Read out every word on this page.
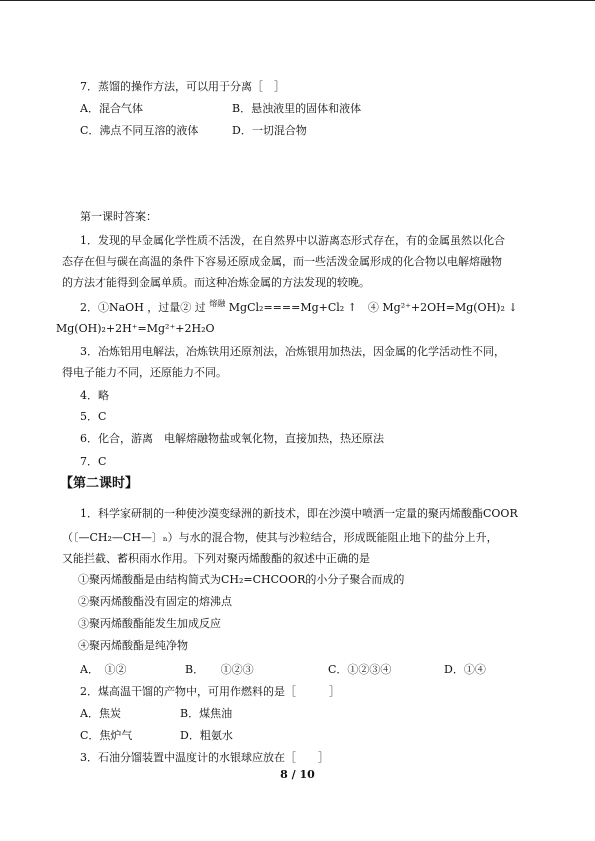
7．蒸馏的操作方法，可以用于分离［　］
A．混合气体	B．悬浊液里的固体和液体
C．沸点不同互溶的液体	D．一切混合物
第一课时答案：
1．发现的早金属化学性质不活泼，在自然界中以游离态形式存在，有的金属虽然以化合
态存在但与碳在高温的条件下容易还原成金属，而一些活泼金属形成的化合物以电解熔融物
的方法才能得到金属单质。而这种冶炼金属的方法发现的较晚。
2．①NaOH ，过量② 过 $^{熔融}$ MgCl₂====Mg+Cl₂ ↑　④ Mg²⁺+2OH=Mg(OH)₂ ↓
Mg(OH)₂+2H⁺=Mg²⁺+2H₂O
3．冶炼铝用电解法，冶炼铁用还原剂法，冶炼银用加热法，因金属的化学活动性不同，
得电子能力不同，还原能力不同。
4．略
5．C
6．化合，游离　电解熔融物盐或氧化物，直接加热，热还原法
7．C
【第二课时】
1．科学家研制的一种使沙漠变绿洲的新技术，即在沙漠中喷洒一定量的聚丙烯酸酯COOR
（〔—CH₂—CH—〕ₙ）与水的混合物，使其与沙粒结合，形成既能阻止地下的盐分上升，
又能拦截、蓄积雨水作用。下列对聚丙烯酸酯的叙述中正确的是
①聚丙烯酸酯是由结构简式为CH₂=CHCOOR的小分子聚合而成的
②聚丙烯酸酯没有固定的熔沸点
③聚丙烯酸酯能发生加成反应
④聚丙烯酸酯是纯净物
A．　①②	B．　　①②③	C．①②③④	D．①④
2．煤高温干馏的产物中，可用作燃料的是［　　　］
A．焦炭	B．煤焦油
C．焦炉气	D．粗氨水
3．石油分馏装置中温度计的水银球应放在［　　］
8 / 10
